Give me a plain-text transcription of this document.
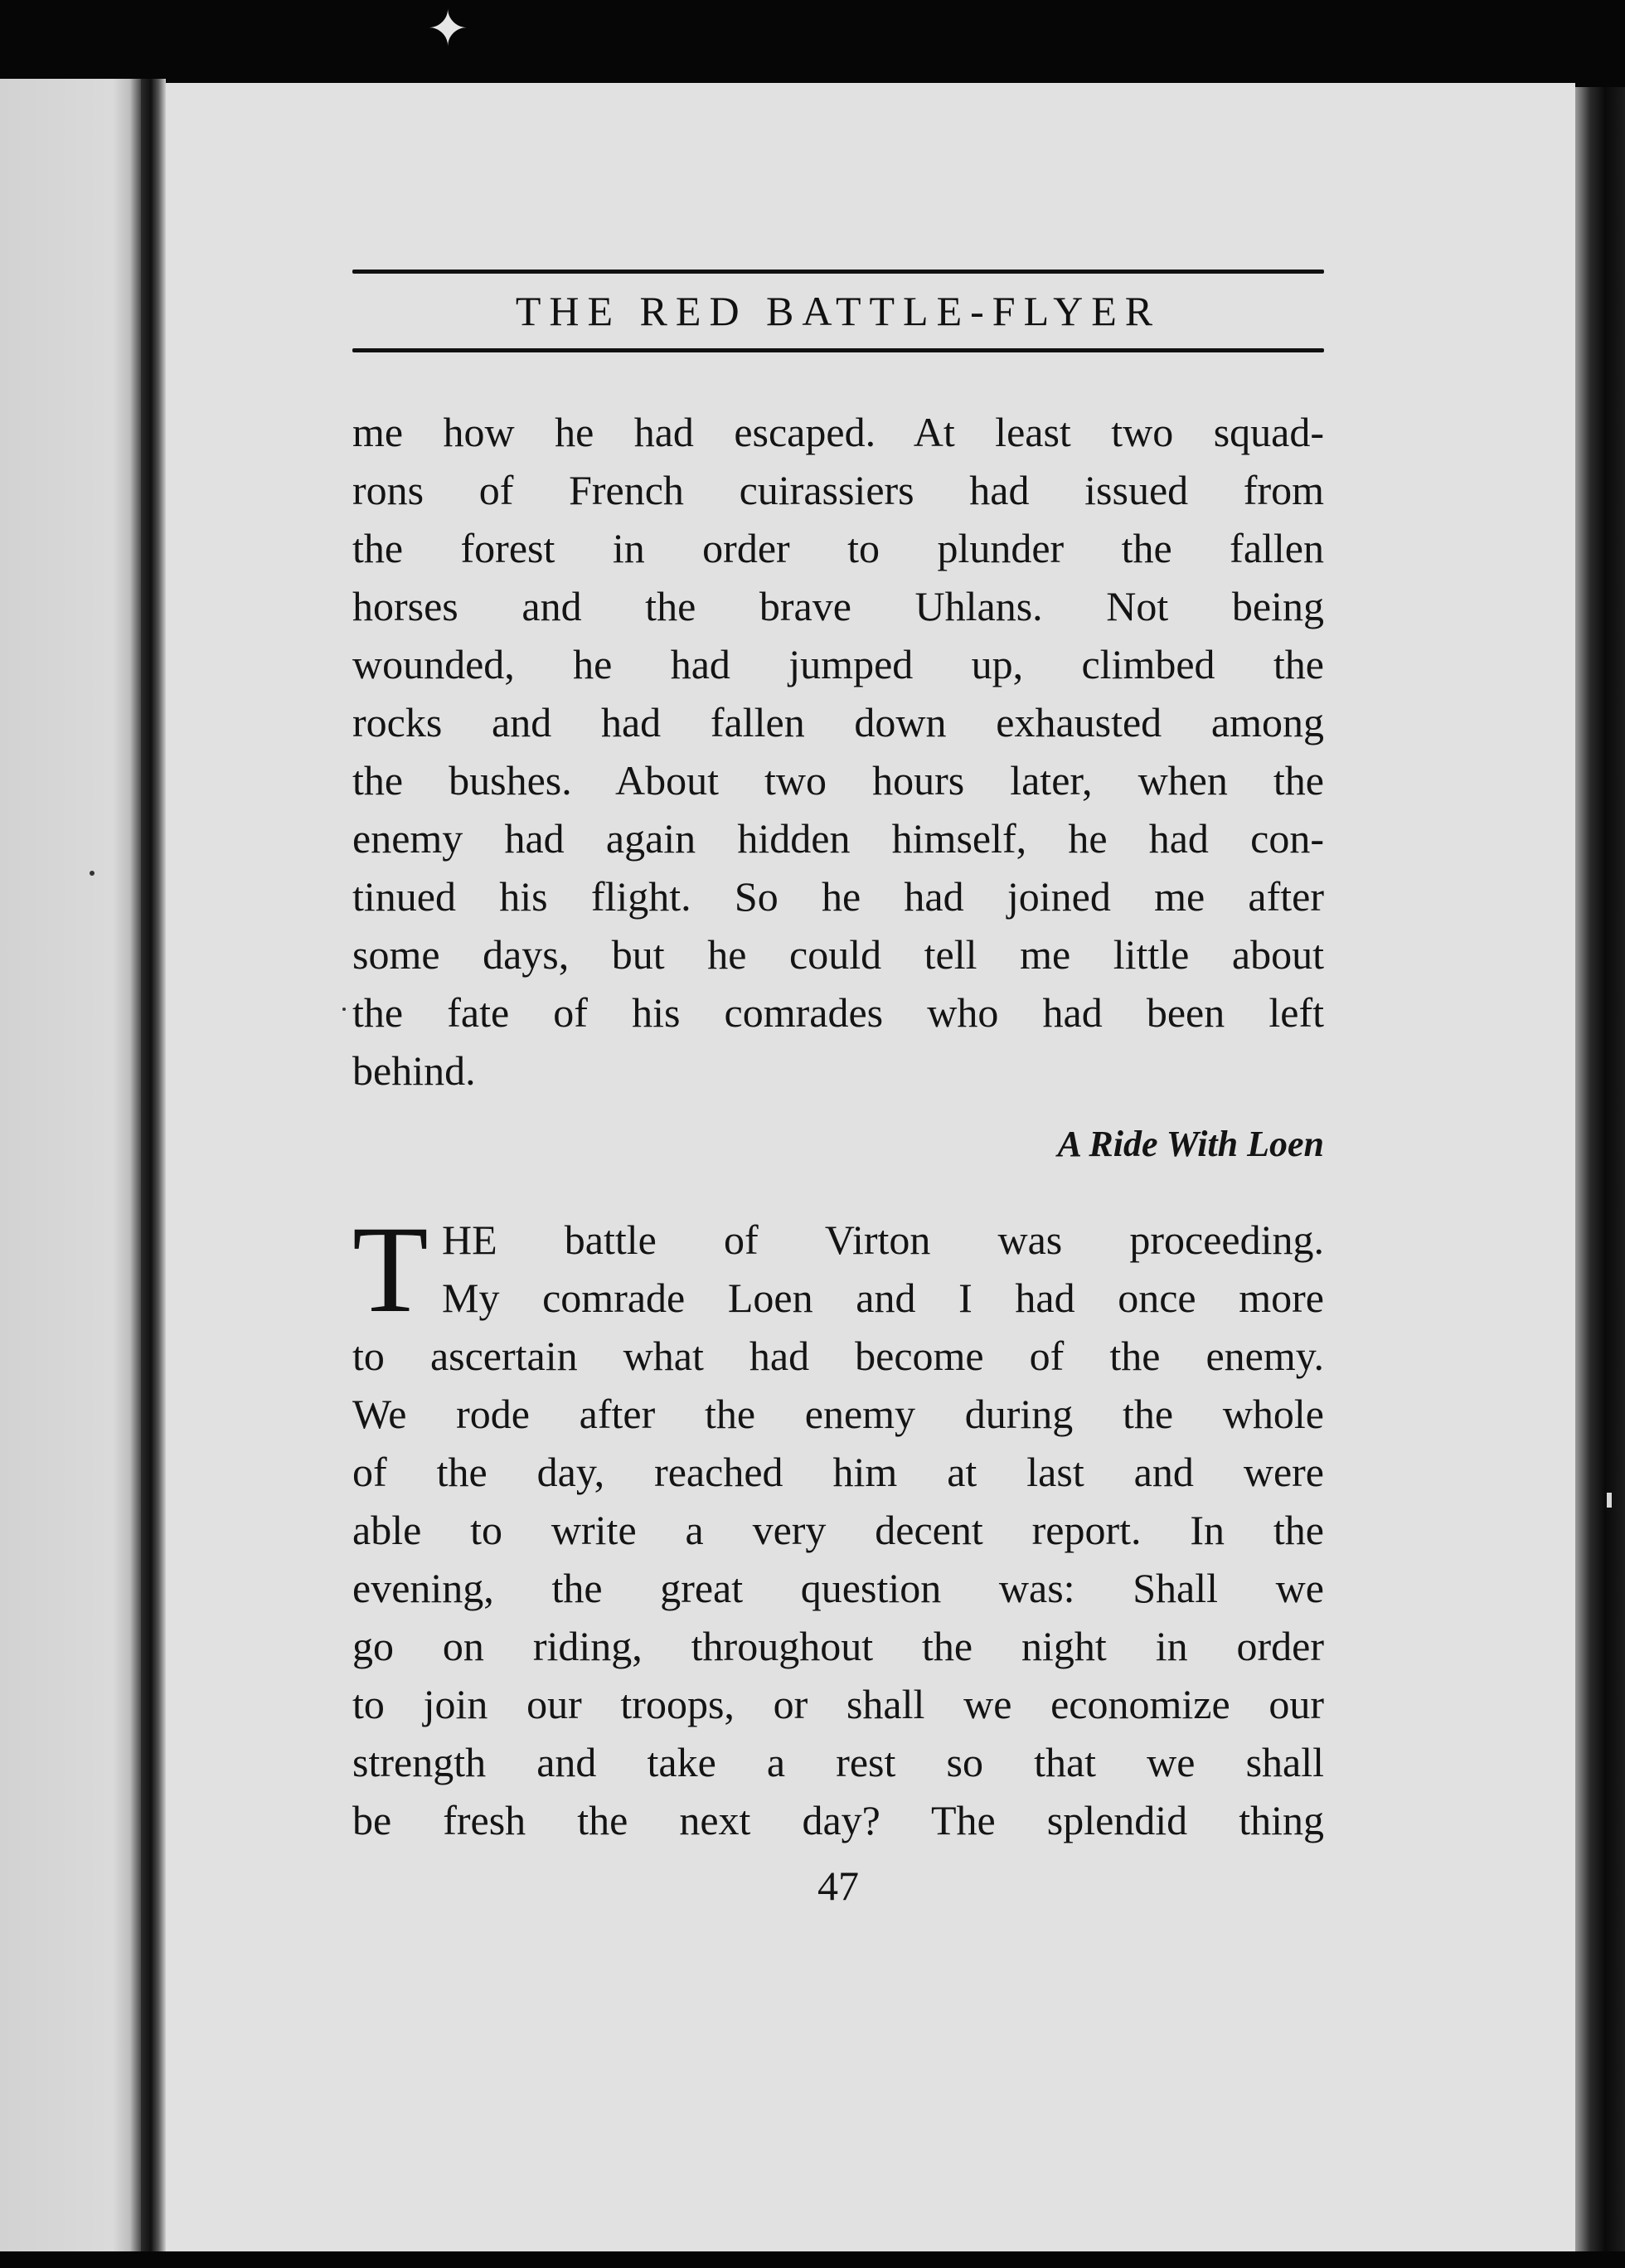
✦
THE RED BATTLE-FLYER
me how he had escaped. At least two squad-
rons of French cuirassiers had issued from
the forest in order to plunder the fallen
horses and the brave Uhlans. Not being
wounded, he had jumped up, climbed the
rocks and had fallen down exhausted among
the bushes. About two hours later, when the
enemy had again hidden himself, he had con-
tinued his flight. So he had joined me after
some days, but he could tell me little about
the fate of his comrades who had been left
behind.
A Ride With Loen
T HE battle of Virton was proceeding.
My comrade Loen and I had once more
to ascertain what had become of the enemy.
We rode after the enemy during the whole
of the day, reached him at last and were
able to write a very decent report. In the
evening, the great question was: Shall we
go on riding, throughout the night in order
to join our troops, or shall we economize our
strength and take a rest so that we shall
be fresh the next day? The splendid thing
47
